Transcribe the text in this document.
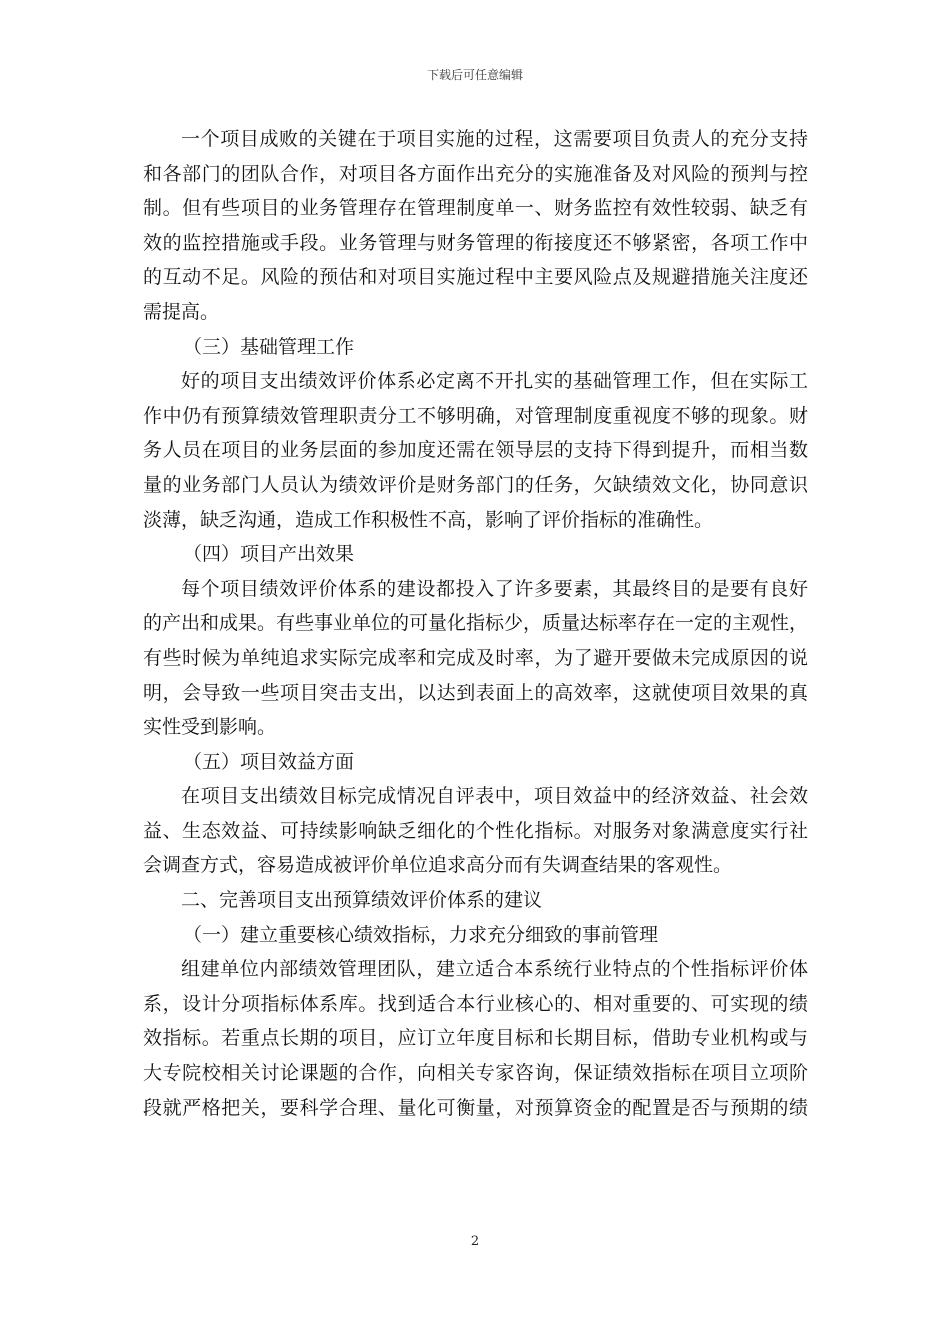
下载后可任意编辑
一个项目成败的关键在于项目实施的过程，这需要项目负责人的充分支持
和各部门的团队合作，对项目各方面作出充分的实施准备及对风险的预判与控
制。但有些项目的业务管理存在管理制度单一、财务监控有效性较弱、缺乏有
效的监控措施或手段。业务管理与财务管理的衔接度还不够紧密，各项工作中
的互动不足。风险的预估和对项目实施过程中主要风险点及规避措施关注度还
需提高。
（三）基础管理工作
好的项目支出绩效评价体系必定离不开扎实的基础管理工作，但在实际工
作中仍有预算绩效管理职责分工不够明确，对管理制度重视度不够的现象。财
务人员在项目的业务层面的参加度还需在领导层的支持下得到提升，而相当数
量的业务部门人员认为绩效评价是财务部门的任务，欠缺绩效文化，协同意识
淡薄，缺乏沟通，造成工作积极性不高，影响了评价指标的准确性。
（四）项目产出效果
每个项目绩效评价体系的建设都投入了许多要素，其最终目的是要有良好
的产出和成果。有些事业单位的可量化指标少，质量达标率存在一定的主观性，
有些时候为单纯追求实际完成率和完成及时率，为了避开要做未完成原因的说
明，会导致一些项目突击支出，以达到表面上的高效率，这就使项目效果的真
实性受到影响。
（五）项目效益方面
在项目支出绩效目标完成情况自评表中，项目效益中的经济效益、社会效
益、生态效益、可持续影响缺乏细化的个性化指标。对服务对象满意度实行社
会调查方式，容易造成被评价单位追求高分而有失调查结果的客观性。
二、完善项目支出预算绩效评价体系的建议
（一）建立重要核心绩效指标，力求充分细致的事前管理
组建单位内部绩效管理团队，建立适合本系统行业特点的个性指标评价体
系，设计分项指标体系库。找到适合本行业核心的、相对重要的、可实现的绩
效指标。若重点长期的项目，应订立年度目标和长期目标，借助专业机构或与
大专院校相关讨论课题的合作，向相关专家咨询，保证绩效指标在项目立项阶
段就严格把关，要科学合理、量化可衡量，对预算资金的配置是否与预期的绩
2
